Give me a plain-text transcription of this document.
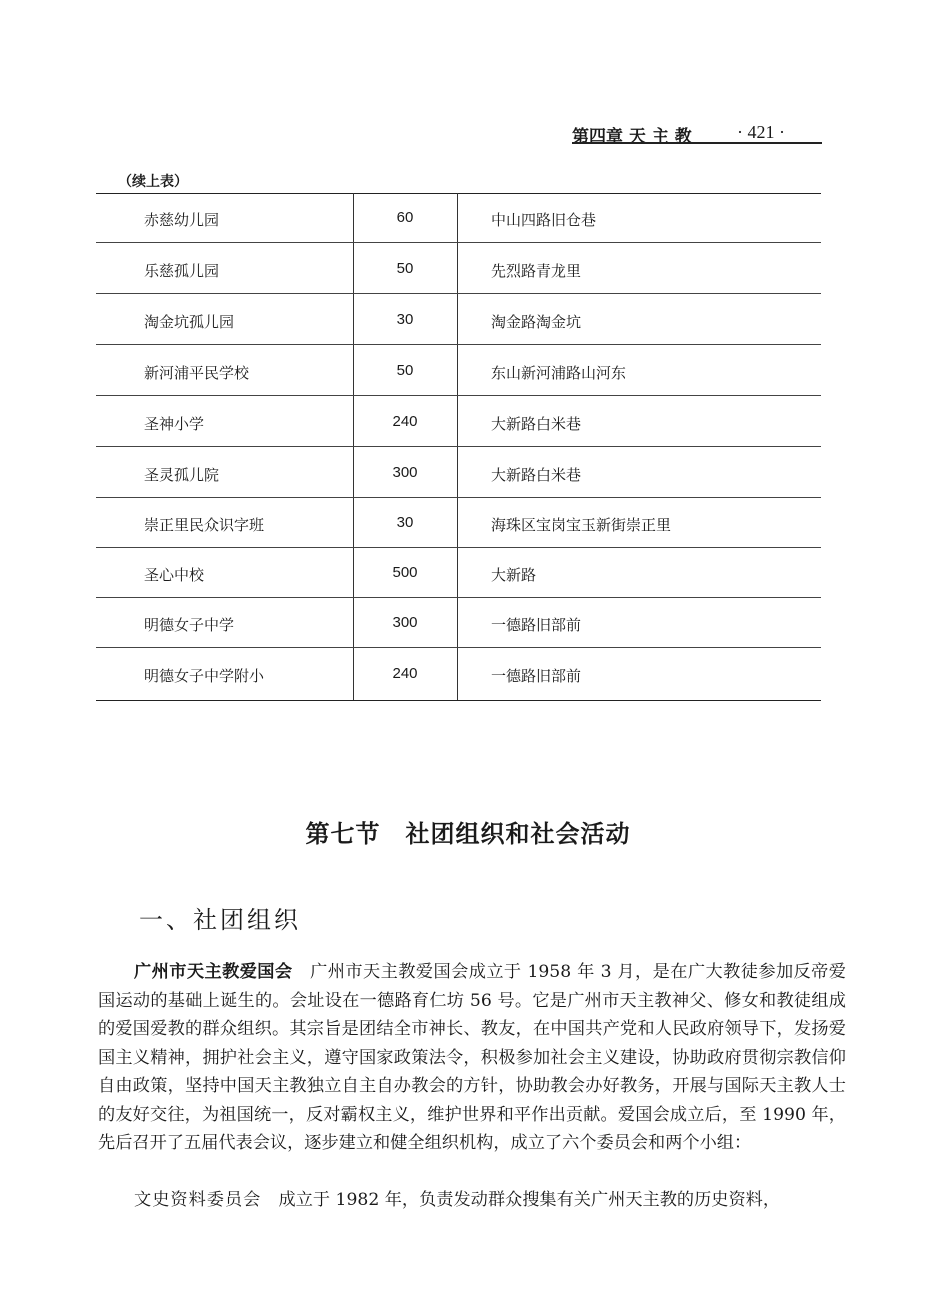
第四章 天 主 教	· 421 ·
（续上表）
赤慈幼儿园	60	中山四路旧仓巷
乐慈孤儿园	50	先烈路青龙里
淘金坑孤儿园	30	淘金路淘金坑
新河浦平民学校	50	东山新河浦路山河东
圣神小学	240	大新路白米巷
圣灵孤儿院	300	大新路白米巷
崇正里民众识字班	30	海珠区宝岗宝玉新街崇正里
圣心中校	500	大新路
明德女子中学	300	一德路旧部前
明德女子中学附小	240	一德路旧部前
第七节　社团组织和社会活动
一、社团组织
广州市天主教爱国会　广州市天主教爱国会成立于 1958 年 3 月，是在广大教徒参加反帝爱国运动的基础上诞生的。会址设在一德路育仁坊 56 号。它是广州市天主教神父、修女和教徒组成的爱国爱教的群众组织。其宗旨是团结全市神长、教友，在中国共产党和人民政府领导下，发扬爱国主义精神，拥护社会主义，遵守国家政策法令，积极参加社会主义建设，协助政府贯彻宗教信仰自由政策，坚持中国天主教独立自主自办教会的方针，协助教会办好教务，开展与国际天主教人士的友好交往，为祖国统一，反对霸权主义，维护世界和平作出贡献。爱国会成立后，至 1990 年，先后召开了五届代表会议，逐步建立和健全组织机构，成立了六个委员会和两个小组：
文史资料委员会　成立于 1982 年，负责发动群众搜集有关广州天主教的历史资料，
